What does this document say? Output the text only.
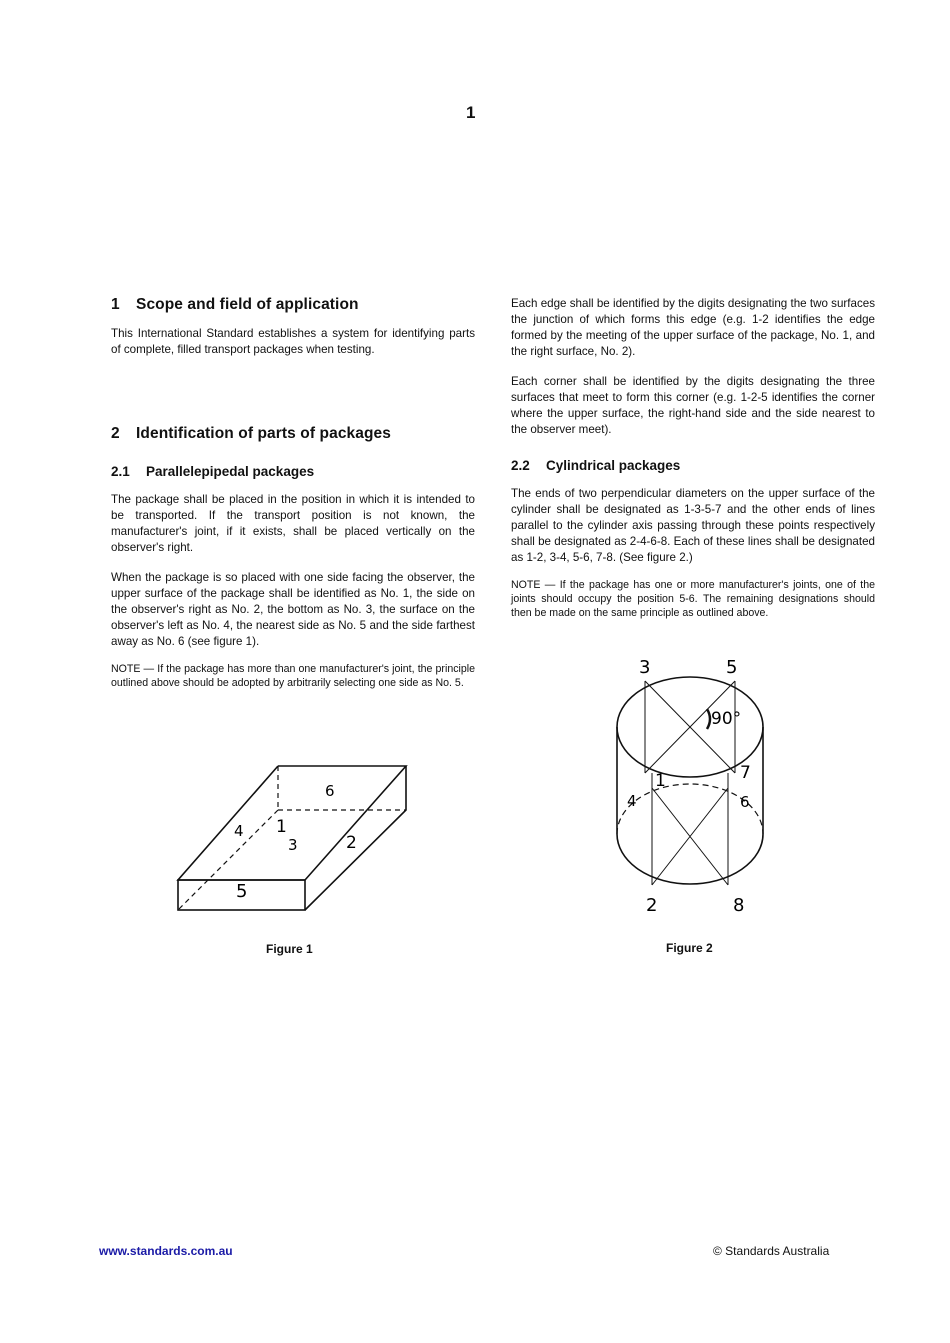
1
1 Scope and field of application

This International Standard establishes a system for identifying parts of complete, filled transport packages when testing.

2 Identification of parts of packages
2.1 Parallelepipedal packages

The package shall be placed in the position in which it is intended to be transported. If the transport position is not known, the manufacturer's joint, if it exists, shall be placed vertically on the observer's right.

When the package is so placed with one side facing the observer, the upper surface of the package shall be identified as No. 1, the side on the observer's right as No. 2, the bottom as No. 3, the surface on the observer's left as No. 4, the nearest side as No. 5 and the side farthest away as No. 6 (see figure 1).

NOTE — If the package has more than one manufacturer's joint, the principle outlined above should be adopted by arbitrarily selecting one side as No. 5.

Each edge shall be identified by the digits designating the two surfaces the junction of which forms this edge (e.g. 1-2 identifies the edge formed by the meeting of the upper surface of the package, No. 1, and the right surface, No. 2).

Each corner shall be identified by the digits designating the three surfaces that meet to form this corner (e.g. 1-2-5 identifies the corner where the upper surface, the right-hand side and the side nearest to the observer meet).

2.2 Cylindrical packages

The ends of two perpendicular diameters on the upper surface of the cylinder shall be designated as 1-3-5-7 and the other ends of lines parallel to the cylinder axis passing through these points respectively shall be designated as 2-4-6-8. Each of these lines shall be designated as 1-2, 3-4, 5-6, 7-8. (See figure 2.)

NOTE — If the package has one or more manufacturer's joints, one of the joints should occupy the position 5-6. The remaining designations should then be made on the same principle as outlined above.

6
4 1
3	2
5
Figure 1
3	5
90°
1	7
4	6
2	8
Figure 2
www.standards.com.au	© Standards Australia
